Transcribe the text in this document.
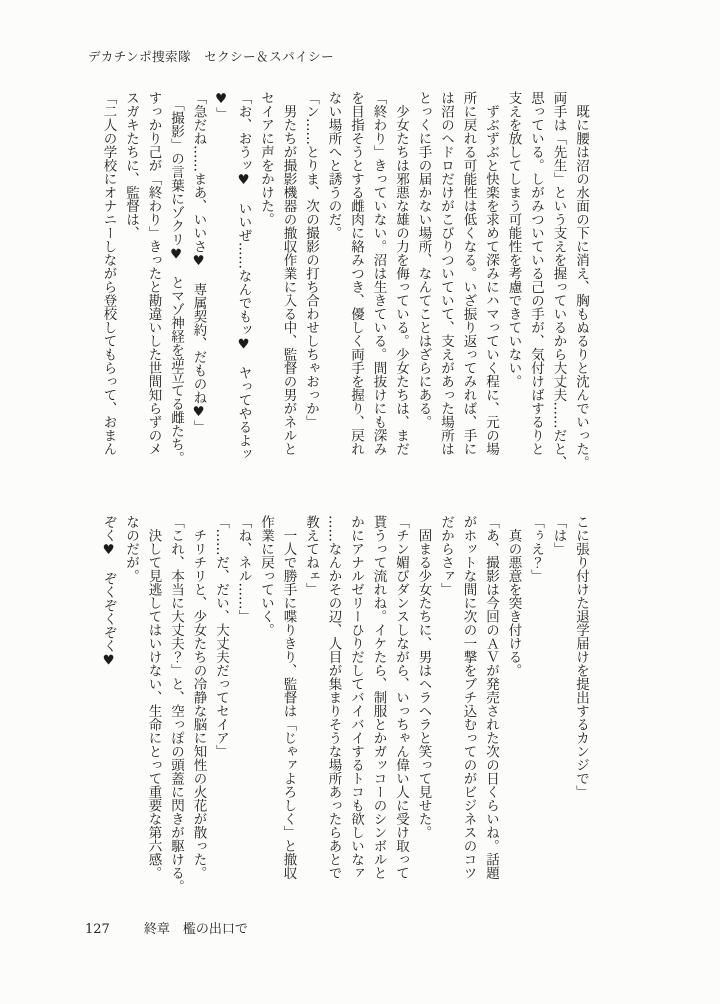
デカチンポ捜索隊　セクシー＆スパイシー

　既に腰は沼の水面の下に消え、胸もぬるりと沈んでいった。

両手は「先生」という支えを握っているから大丈夫……だと、

思っている。しがみついている己の手が、気付けばするりと

支えを放してしまう可能性を考慮できていない。

　ずぶずぶと快楽を求めて深みにハマっていく程に、元の場

所に戻れる可能性は低くなる。いざ振り返ってみれば、手に

は沼のヘドロだけがこびりついていて、支えがあった場所は

とっくに手の届かない場所、なんてことはざらにある。

　少女たちは邪悪な雄の力を侮っている。少女たちは、まだ

「終わり」きっていない。沼は生きている。間抜けにも深み

を目指そうとする雌肉に絡みつき、優しく両手を握り、戻れ

ない場所へと誘うのだ。

「ン……とりま、次の撮影の打ち合わせしちゃおっか」

　男たちが撮影機器の撤収作業に入る中、監督の男がネルと

セイアに声をかけた。

「お、おうッ♥　いいぜ……なんでもッ♥　ヤってやるよッ

♥」

「急だね……まあ、いいさ♥　専属契約、だものね♥」

　「撮影」の言葉にゾクリ♥　とマゾ神経を逆立てる雌たち。

すっかり己が「終わり」きったと勘違いした世間知らずのメ

スガキたちに、監督は、

「二人の学校にオナニーしながら登校してもらって、おまん

こに張り付けた退学届けを提出するカンジで」

「は」

「ぅえ？」

　真の悪意を突き付ける。

「あ、撮影は今回のＡＶが発売された次の日くらいね。話題

がホットな間に次の一撃をブチ込むってのがビジネスのコツ

だからさァ」

　固まる少女たちに、男はヘラヘラと笑って見せた。

「チン媚びダンスしながら、いっちゃん偉い人に受け取って

貰うって流れね。イケたら、制服とかガッコーのシンボルと

かにアナルゼリーひりだしてバイバイするトコも欲しいなァ

……なんかその辺、人目が集まりそうな場所あったらあとで

教えてねェ」

　一人で勝手に喋りきり、監督は「じゃァよろしく」と撤収

作業に戻っていく。

「ね、ネル……」

「……だ、だい、大丈夫だってセイア」

　チリチリと、少女たちの冷静な脳に知性の火花が散った。

「これ、本当に大丈夫？」と、空っぽの頭蓋に閃きが駆ける。

　決して見逃してはいけない、生命にとって重要な第六感。

なのだが。

ぞく♥　ぞくぞくぞく♥

127	終章　檻の出口で
